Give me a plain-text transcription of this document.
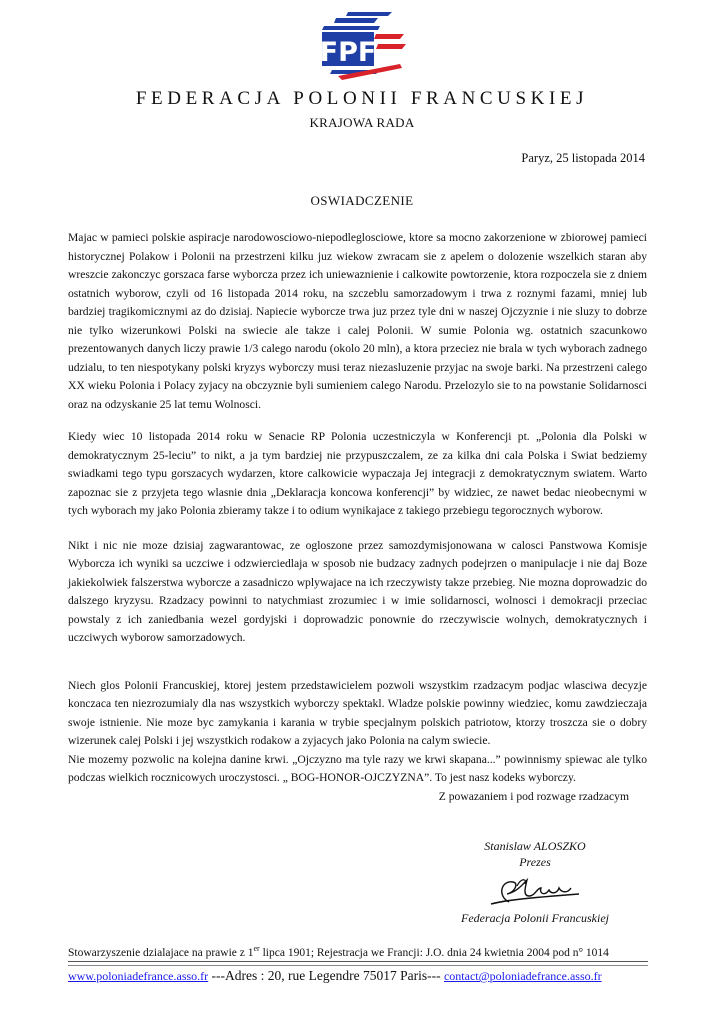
FPF
FEDERACJA POLONII FRANCUSKIEJ
KRAJOWA RADA
Paryz, 25 listopada 2014
OSWIADCZENIE

Majac w pamieci polskie aspiracje narodowosciowo-niepodleglosciowe, ktore sa mocno zakorzenione w zbiorowej pamieci historycznej Polakow i Polonii na przestrzeni kilku juz wiekow zwracam sie z apelem o dolozenie wszelkich staran aby wreszcie zakonczyc gorszaca farse wyborcza przez ich uniewaznienie i calkowite powtorzenie, ktora rozpoczela sie z dniem ostatnich wyborow, czyli od 16 listopada 2014 roku, na szczeblu samorzadowym i trwa z roznymi fazami, mniej lub bardziej tragikomicznymi az do dzisiaj. Napiecie wyborcze trwa juz przez tyle dni w naszej Ojczyznie i nie sluzy to dobrze nie tylko wizerunkowi Polski na swiecie ale takze i calej Polonii. W sumie Polonia wg. ostatnich szacunkowo prezentowanych danych liczy prawie 1/3 calego narodu (okolo 20 mln), a ktora przeciez nie brala w tych wyborach zadnego udzialu, to ten niespotykany polski kryzys wyborczy musi teraz niezasluzenie przyjac na swoje barki. Na przestrzeni calego XX wieku Polonia i Polacy zyjacy na obczyznie byli sumieniem calego Narodu. Przelozylo sie to na powstanie Solidarnosci oraz na odzyskanie 25 lat temu Wolnosci.

Kiedy wiec 10 listopada 2014 roku w Senacie RP Polonia uczestniczyla w Konferencji pt. „Polonia dla Polski w demokratycznym 25-leciu” to nikt, a ja tym bardziej nie przypuszczalem, ze za kilka dni cala Polska i Swiat bedziemy swiadkami tego typu gorszacych wydarzen, ktore calkowicie wypaczaja Jej integracji z demokratycznym swiatem. Warto zapoznac sie z przyjeta tego wlasnie dnia „Deklaracja koncowa konferencji” by widziec, ze nawet bedac nieobecnymi w tych wyborach my jako Polonia zbieramy takze i to odium wynikajace z takiego przebiegu tegorocznych wyborow.

Nikt i nic nie moze dzisiaj zagwarantowac, ze ogloszone przez samozdymisjonowana w calosci Panstwowa Komisje Wyborcza ich wyniki sa uczciwe i odzwierciedlaja w sposob nie budzacy zadnych podejrzen o manipulacje i nie daj Boze jakiekolwiek falszerstwa wyborcze a zasadniczo wplywajace na ich rzeczywisty takze przebieg. Nie mozna doprowadzic do dalszego kryzysu. Rzadzacy powinni to natychmiast zrozumiec i w imie solidarnosci, wolnosci i demokracji przeciac powstaly z ich zaniedbania wezel gordyjski i doprowadzic ponownie do rzeczywiscie wolnych, demokratycznych i uczciwych wyborow samorzadowych.

Niech glos Polonii Francuskiej, ktorej jestem przedstawicielem pozwoli wszystkim rzadzacym podjac wlasciwa decyzje konczaca ten niezrozumialy dla nas wszystkich wyborczy spektakl. Wladze polskie powinny wiedziec, komu zawdzieczaja swoje istnienie. Nie moze byc zamykania i karania w trybie specjalnym polskich patriotow, ktorzy troszcza sie o dobry wizerunek calej Polski i jej wszystkich rodakow a zyjacych jako Polonia na calym swiecie.

Nie mozemy pozwolic na kolejna danine krwi. „Ojczyzno ma tyle razy we krwi skapana...” powinnismy spiewac ale tylko podczas wielkich rocznicowych uroczystosci. „ BOG-HONOR-OJCZYZNA”. To jest nasz kodeks wyborczy.

Z powazaniem i pod rozwage rzadzacym

Stanislaw ALOSZKO
Prezes
Federacja Polonii Francuskiej
Stowarzyszenie dzialajace na prawie z 1er lipca 1901; Rejestracja we Francji: J.O. dnia 24 kwietnia 2004 pod n° 1014
www.poloniadefrance.asso.fr ---Adres : 20, rue Legendre 75017 Paris--- contact@poloniadefrance.asso.fr
